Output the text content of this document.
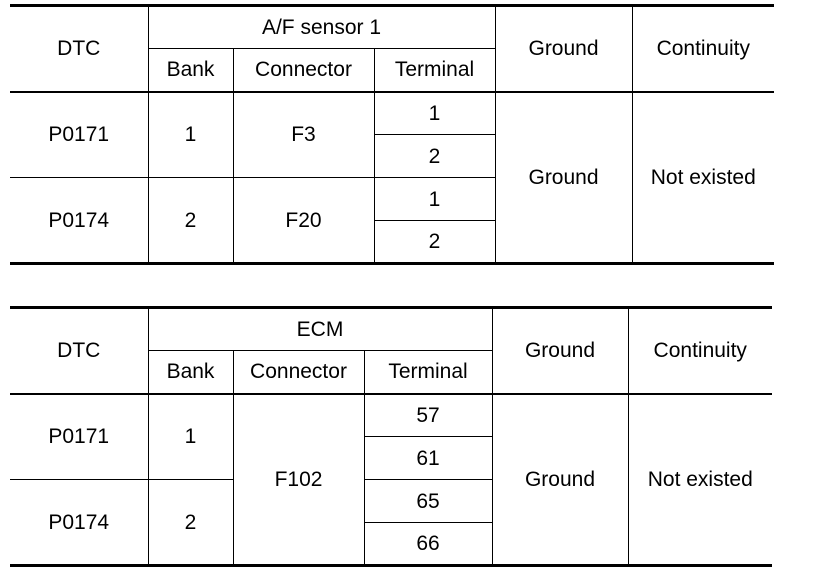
DTC	A/F sensor 1			Ground	Continuity
	Bank	Connector	Terminal		
P0171	1	F3	1	Ground	Not existed
			2		
P0174	2	F20	1		
			2		
DTC	ECM			Ground	Continuity
	Bank	Connector	Terminal		
P0171	1	F102	57	Ground	Not existed
			61		
P0174	2		65		
			66		
